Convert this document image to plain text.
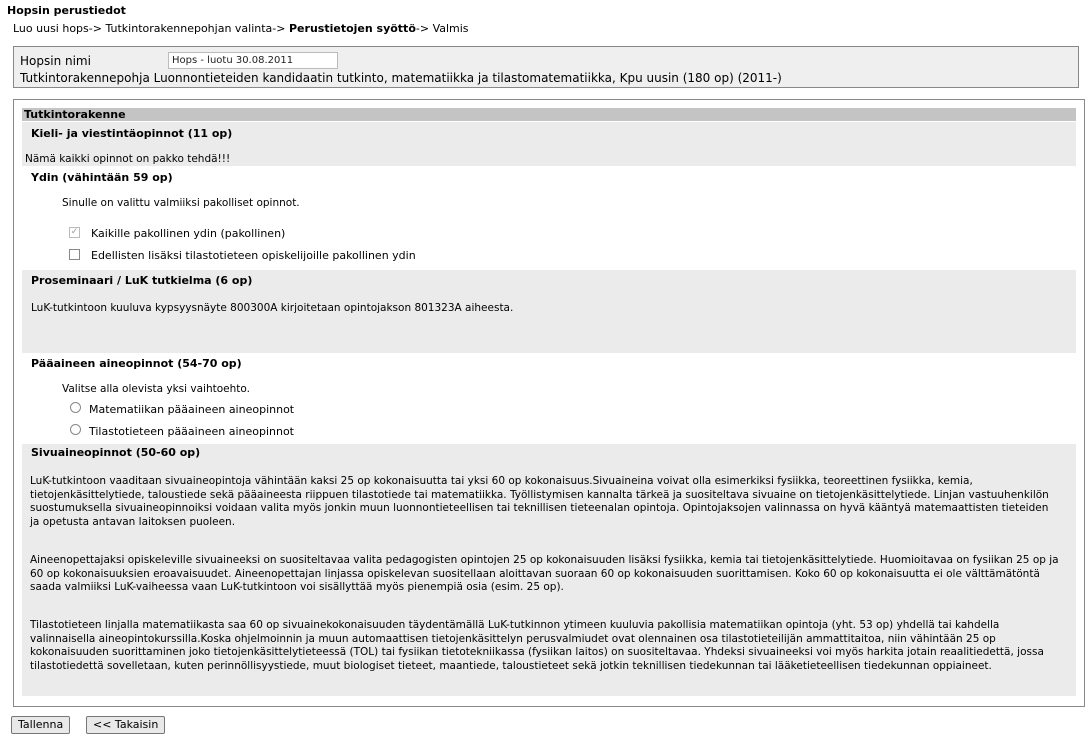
Hopsin perustiedot
Luo uusi hops-> Tutkintorakennepohjan valinta-> Perustietojen syöttö-> Valmis
Hopsin nimi
Hops - luotu 30.08.2011
Tutkintorakennepohja Luonnontieteiden kandidaatin tutkinto, matematiikka ja tilastomatematiikka, Kpu uusin (180 op) (2011-)
Tutkintorakenne
Kieli- ja viestintäopinnot (11 op)
Nämä kaikki opinnot on pakko tehdä!!!
Ydin (vähintään 59 op)
Sinulle on valittu valmiiksi pakolliset opinnot.
✓ Kaikille pakollinen ydin (pakollinen)
Edellisten lisäksi tilastotieteen opiskelijoille pakollinen ydin
Proseminaari / LuK tutkielma (6 op)
LuK-tutkintoon kuuluva kypsyysnäyte 800300A kirjoitetaan opintojakson 801323A aiheesta.
Pääaineen aineopinnot (54-70 op)
Valitse alla olevista yksi vaihtoehto.
Matematiikan pääaineen aineopinnot
Tilastotieteen pääaineen aineopinnot
Sivuaineopinnot (50-60 op)
LuK-tutkintoon vaaditaan sivuaineopintoja vähintään kaksi 25 op kokonaisuutta tai yksi 60 op kokonaisuus.Sivuaineina voivat olla esimerkiksi fysiikka, teoreettinen fysiikka, kemia, tietojenkäsittelytiede, taloustiede sekä pääaineesta riippuen tilastotiede tai matematiikka. Työllistymisen kannalta tärkeä ja suositeltava sivuaine on tietojenkäsittelytiede. Linjan vastuuhenkilön suostumuksella sivuaineopinnoiksi voidaan valita myös jonkin muun luonnontieteellisen tai teknillisen tieteenalan opintoja. Opintojaksojen valinnassa on hyvä kääntyä matemaattisten tieteiden ja opetusta antavan laitoksen puoleen.
Aineenopettajaksi opiskeleville sivuaineeksi on suositeltavaa valita pedagogisten opintojen 25 op kokonaisuuden lisäksi fysiikka, kemia tai tietojenkäsittelytiede. Huomioitavaa on fysiikan 25 op ja 60 op kokonaisuuksien eroavaisuudet. Aineenopettajan linjassa opiskelevan suositellaan aloittavan suoraan 60 op kokonaisuuden suorittamisen. Koko 60 op kokonaisuutta ei ole välttämätöntä saada valmiiksi LuK-vaiheessa vaan LuK-tutkintoon voi sisällyttää myös pienempiä osia (esim. 25 op).
Tilastotieteen linjalla matematiikasta saa 60 op sivuainekokonaisuuden täydentämällä LuK-tutkinnon ytimeen kuuluvia pakollisia matematiikan opintoja (yht. 53 op) yhdellä tai kahdella valinnaisella aineopintokurssilla.Koska ohjelmoinnin ja muun automaattisen tietojenkäsittelyn perusvalmiudet ovat olennainen osa tilastotieteilijän ammattitaitoa, niin vähintään 25 op kokonaisuuden suorittaminen joko tietojenkäsittelytieteessä (TOL) tai fysiikan tietotekniikassa (fysiikan laitos) on suositeltavaa. Yhdeksi sivuaineeksi voi myös harkita jotain reaalitiedettä, jossa tilastotiedettä sovelletaan, kuten perinnöllisyystiede, muut biologiset tieteet, maantiede, taloustieteet sekä jotkin teknillisen tiedekunnan tai lääketieteellisen tiedekunnan oppiaineet.
Tallenna	<< Takaisin
